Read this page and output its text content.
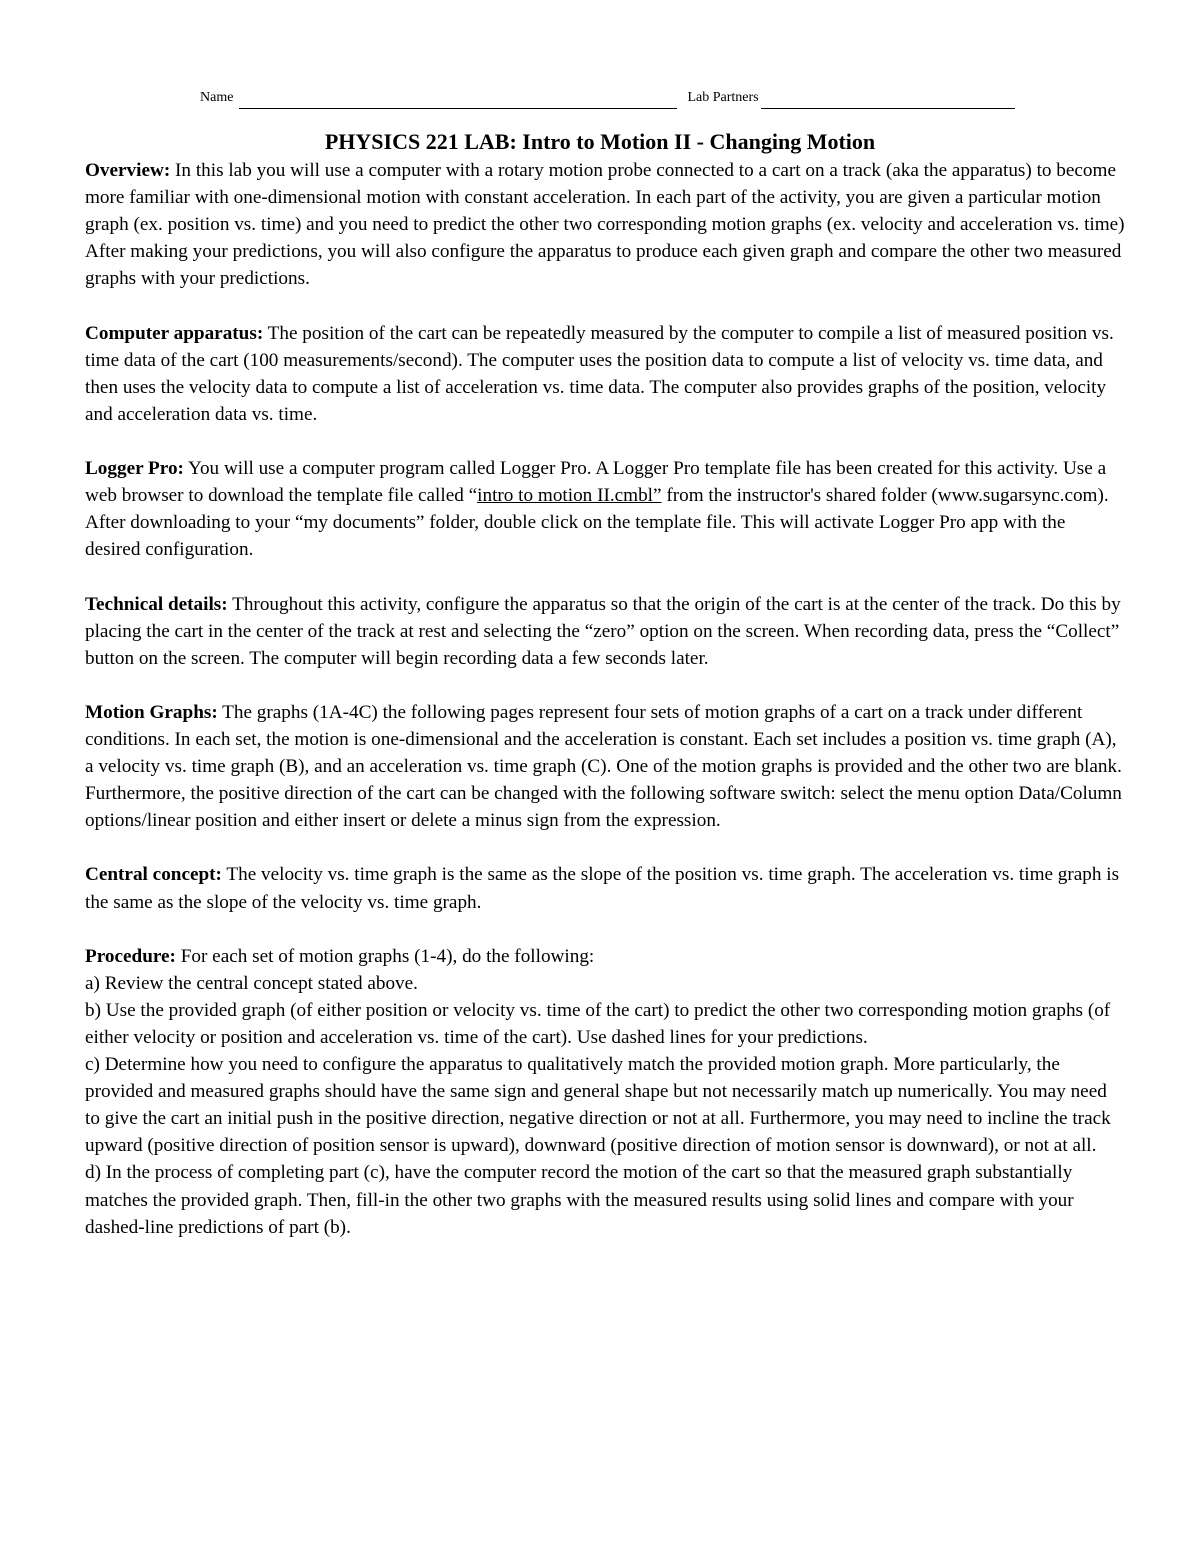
Name	Lab Partners
PHYSICS 221 LAB: Intro to Motion II - Changing Motion

Overview: In this lab you will use a computer with a rotary motion probe connected to a cart on a track (aka the apparatus) to become more familiar with one-dimensional motion with constant acceleration. In each part of the activity, you are given a particular motion graph (ex. position vs. time) and you need to predict the other two corresponding motion graphs (ex. velocity and acceleration vs. time) After making your predictions, you will also configure the apparatus to produce each given graph and compare the other two measured graphs with your predictions.

Computer apparatus: The position of the cart can be repeatedly measured by the computer to compile a list of measured position vs. time data of the cart (100 measurements/second). The computer uses the position data to compute a list of velocity vs. time data, and then uses the velocity data to compute a list of acceleration vs. time data. The computer also provides graphs of the position, velocity and acceleration data vs. time.

Logger Pro: You will use a computer program called Logger Pro. A Logger Pro template file has been created for this activity. Use a web browser to download the template file called “intro to motion II.cmbl” from the instructor's shared folder (www.sugarsync.com). After downloading to your “my documents” folder, double click on the template file. This will activate Logger Pro app with the desired configuration.

Technical details: Throughout this activity, configure the apparatus so that the origin of the cart is at the center of the track. Do this by placing the cart in the center of the track at rest and selecting the “zero” option on the screen. When recording data, press the “Collect” button on the screen. The computer will begin recording data a few seconds later.

Motion Graphs: The graphs (1A-4C) the following pages represent four sets of motion graphs of a cart on a track under different conditions. In each set, the motion is one-dimensional and the acceleration is constant. Each set includes a position vs. time graph (A), a velocity vs. time graph (B), and an acceleration vs. time graph (C). One of the motion graphs is provided and the other two are blank. Furthermore, the positive direction of the cart can be changed with the following software switch: select the menu option Data/Column options/linear position and either insert or delete a minus sign from the expression.

Central concept: The velocity vs. time graph is the same as the slope of the position vs. time graph. The acceleration vs. time graph is the same as the slope of the velocity vs. time graph.

Procedure: For each set of motion graphs (1-4), do the following:

a) Review the central concept stated above.
b) Use the provided graph (of either position or velocity vs. time of the cart) to predict the other two corresponding motion graphs (of either velocity or position and acceleration vs. time of the cart). Use dashed lines for your predictions.
c) Determine how you need to configure the apparatus to qualitatively match the provided motion graph. More particularly, the provided and measured graphs should have the same sign and general shape but not necessarily match up numerically. You may need to give the cart an initial push in the positive direction, negative direction or not at all. Furthermore, you may need to incline the track upward (positive direction of position sensor is upward), downward (positive direction of motion sensor is downward), or not at all.
d) In the process of completing part (c), have the computer record the motion of the cart so that the measured graph substantially matches the provided graph. Then, fill-in the other two graphs with the measured results using solid lines and compare with your dashed-line predictions of part (b).
